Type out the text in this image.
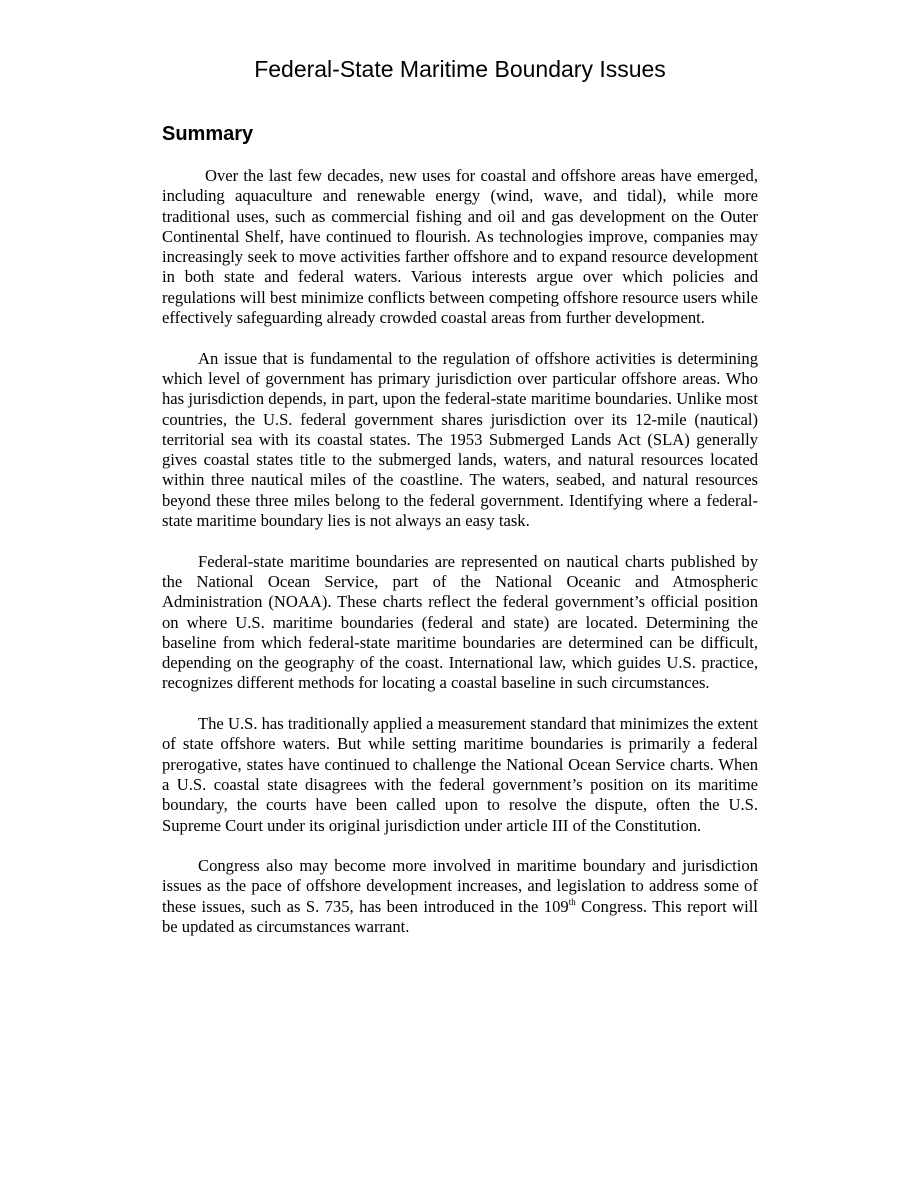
Federal-State Maritime Boundary Issues
Summary

Over the last few decades, new uses for coastal and offshore areas have emerged, including aquaculture and renewable energy (wind, wave, and tidal), while more traditional uses, such as commercial fishing and oil and gas development on the Outer Continental Shelf, have continued to flourish. As technologies improve, companies may increasingly seek to move activities farther offshore and to expand resource development in both state and federal waters. Various interests argue over which policies and regulations will best minimize conflicts between competing offshore resource users while effectively safeguarding already crowded coastal areas from further development.

An issue that is fundamental to the regulation of offshore activities is determining which level of government has primary jurisdiction over particular offshore areas. Who has jurisdiction depends, in part, upon the federal-state maritime boundaries. Unlike most countries, the U.S. federal government shares jurisdiction over its 12-mile (nautical) territorial sea with its coastal states. The 1953 Submerged Lands Act (SLA) generally gives coastal states title to the submerged lands, waters, and natural resources located within three nautical miles of the coastline. The waters, seabed, and natural resources beyond these three miles belong to the federal government. Identifying where a federal-state maritime boundary lies is not always an easy task.

Federal-state maritime boundaries are represented on nautical charts published by the National Ocean Service, part of the National Oceanic and Atmospheric Administration (NOAA). These charts reflect the federal government’s official position on where U.S. maritime boundaries (federal and state) are located. Determining the baseline from which federal-state maritime boundaries are determined can be difficult, depending on the geography of the coast. International law, which guides U.S. practice, recognizes different methods for locating a coastal baseline in such circumstances.

The U.S. has traditionally applied a measurement standard that minimizes the extent of state offshore waters. But while setting maritime boundaries is primarily a federal prerogative, states have continued to challenge the National Ocean Service charts. When a U.S. coastal state disagrees with the federal government’s position on its maritime boundary, the courts have been called upon to resolve the dispute, often the U.S. Supreme Court under its original jurisdiction under article III of the Constitution.

Congress also may become more involved in maritime boundary and jurisdiction issues as the pace of offshore development increases, and legislation to address some of these issues, such as S. 735, has been introduced in the 109th Congress. This report will be updated as circumstances warrant.
